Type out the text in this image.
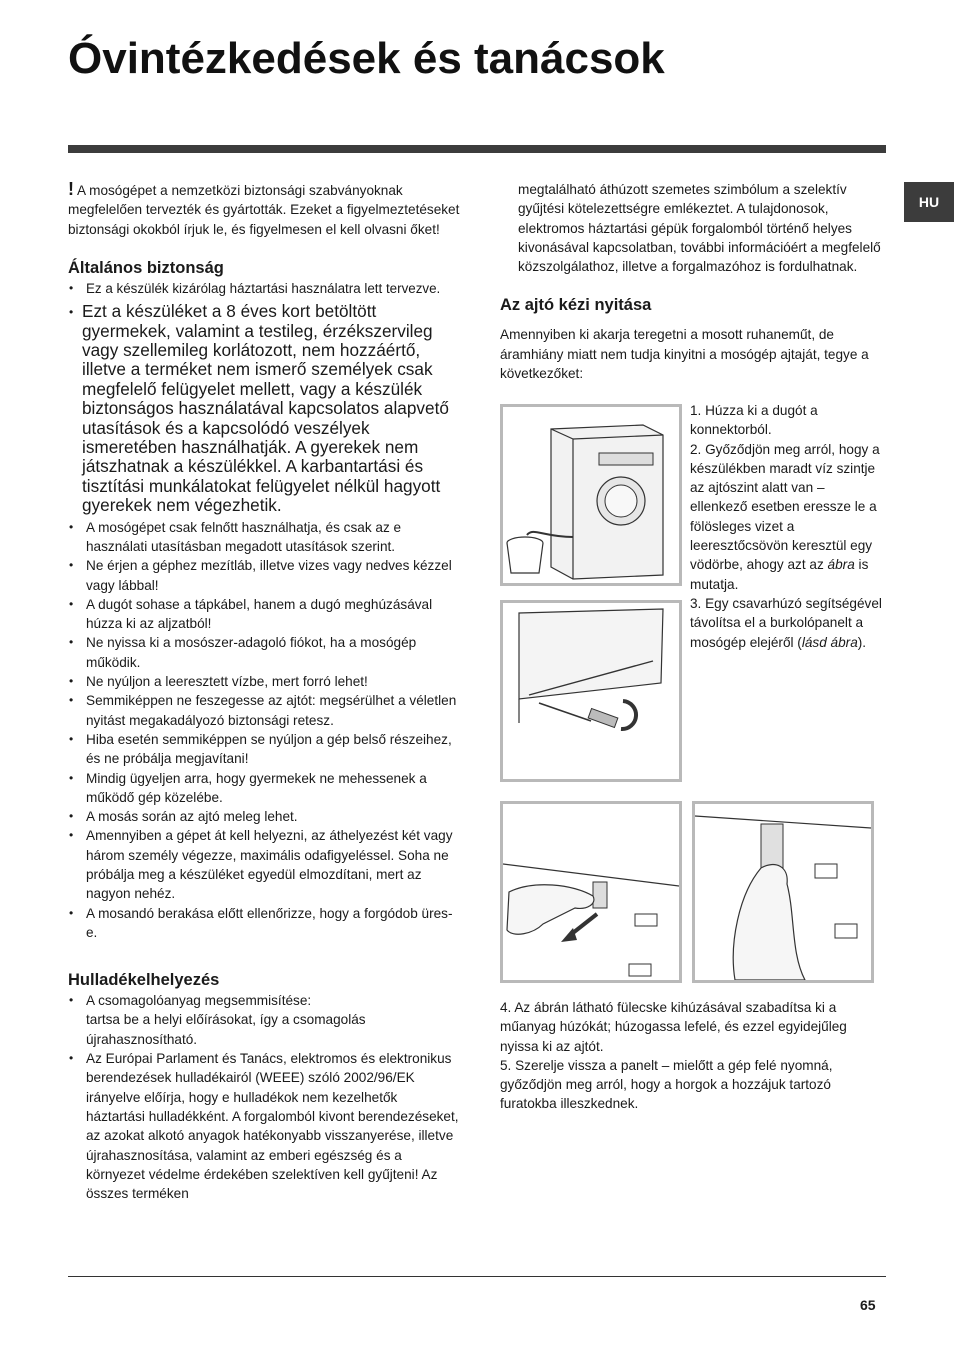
Óvintézkedések és tanácsok
HU

! A mosógépet a nemzetközi biztonsági szabványoknak megfelelően tervezték és gyártották. Ezeket a figyelmeztetéseket biztonsági okokból írjuk le, és figyelmesen el kell olvasni őket!

Általános biztonság
• Ez a készülék kizárólag háztartási használatra lett tervezve.
• Ezt a készüléket a 8 éves kort betöltött gyermekek, valamint a testileg, érzékszervileg vagy szellemileg korlátozott, nem hozzáértő, illetve a terméket nem ismerő személyek csak megfelelő felügyelet mellett, vagy a készülék biztonságos használatával kapcsolatos alapvető utasítások és a kapcsolódó veszélyek ismeretében használhatják. A gyerekek nem játszhatnak a készülékkel. A karbantartási és tisztítási munkálatokat felügyelet nélkül hagyott gyerekek nem végezhetik.
• A mosógépet csak felnőtt használhatja, és csak az e használati utasításban megadott utasítások szerint.
• Ne érjen a géphez mezítláb, illetve vizes vagy nedves kézzel vagy lábbal!
• A dugót sohase a tápkábel, hanem a dugó meghúzásával húzza ki az aljzatból!
• Ne nyissa ki a mosószer-adagoló fiókot, ha a mosógép működik.
• Ne nyúljon a leeresztett vízbe, mert forró lehet!
• Semmiképpen ne feszegesse az ajtót: megsérülhet a véletlen nyitást megakadályozó biztonsági retesz.
• Hiba esetén semmiképpen se nyúljon a gép belső részeihez, és ne próbálja megjavítani!
• Mindig ügyeljen arra, hogy gyermekek ne mehessenek a működő gép közelébe.
• A mosás során az ajtó meleg lehet.
• Amennyiben a gépet át kell helyezni, az áthelyezést két vagy három személy végezze, maximális odafigyeléssel. Soha ne próbálja meg a készüléket egyedül elmozdítani, mert az nagyon nehéz.
• A mosandó berakása előtt ellenőrizze, hogy a forgódob üres-e.
Hulladékelhelyezés
• A csomagolóanyag megsemmisítése:
tartsa be a helyi előírásokat, így a csomagolás újrahasznosítható.
• Az Európai Parlament és Tanács, elektromos és elektronikus berendezések hulladékairól (WEEE) szóló 2002/96/EK irányelve előírja, hogy e hulladékok nem kezelhetők háztartási hulladékként. A forgalomból kivont berendezéseket, az azokat alkotó anyagok hatékonyabb visszanyerése, illetve újrahasznosítása, valamint az emberi egészség és a környezet védelme érdekében szelektíven kell gyűjteni! Az összes terméken

megtalálható áthúzott szemetes szimbólum a szelektív gyűjtési kötelezettségre emlékeztet. A tulajdonosok, elektromos háztartási gépük forgalomból történő helyes kivonásával kapcsolatban, további információért a megfelelő közszolgálathoz, illetve a forgalmazóhoz is fordulhatnak.

Az ajtó kézi nyitása

Amennyiben ki akarja teregetni a mosott ruhaneműt, de áramhiány miatt nem tudja kinyitni a mosógép ajtaját, tegye a következőket:

1. Húzza ki a dugót a konnektorból.

2. Győződjön meg arról, hogy a készülékben maradt víz szintje az ajtószint alatt van – ellenkező esetben eressze le a fölösleges vizet a leeresztőcsövön keresztül egy vödörbe, ahogy azt az ábra is mutatja.

3. Egy csavarhúzó segítségével távolítsa el a burkolópanelt a mosógép elejéről (lásd ábra).

4. Az ábrán látható fülecske kihúzásával szabadítsa ki a műanyag húzókát; húzogassa lefelé, és ezzel egyidejűleg nyissa ki az ajtót.

5. Szerelje vissza a panelt – mielőtt a gép felé nyomná, győződjön meg arról, hogy a horgok a hozzájuk tartozó furatokba illeszkednek.

65
